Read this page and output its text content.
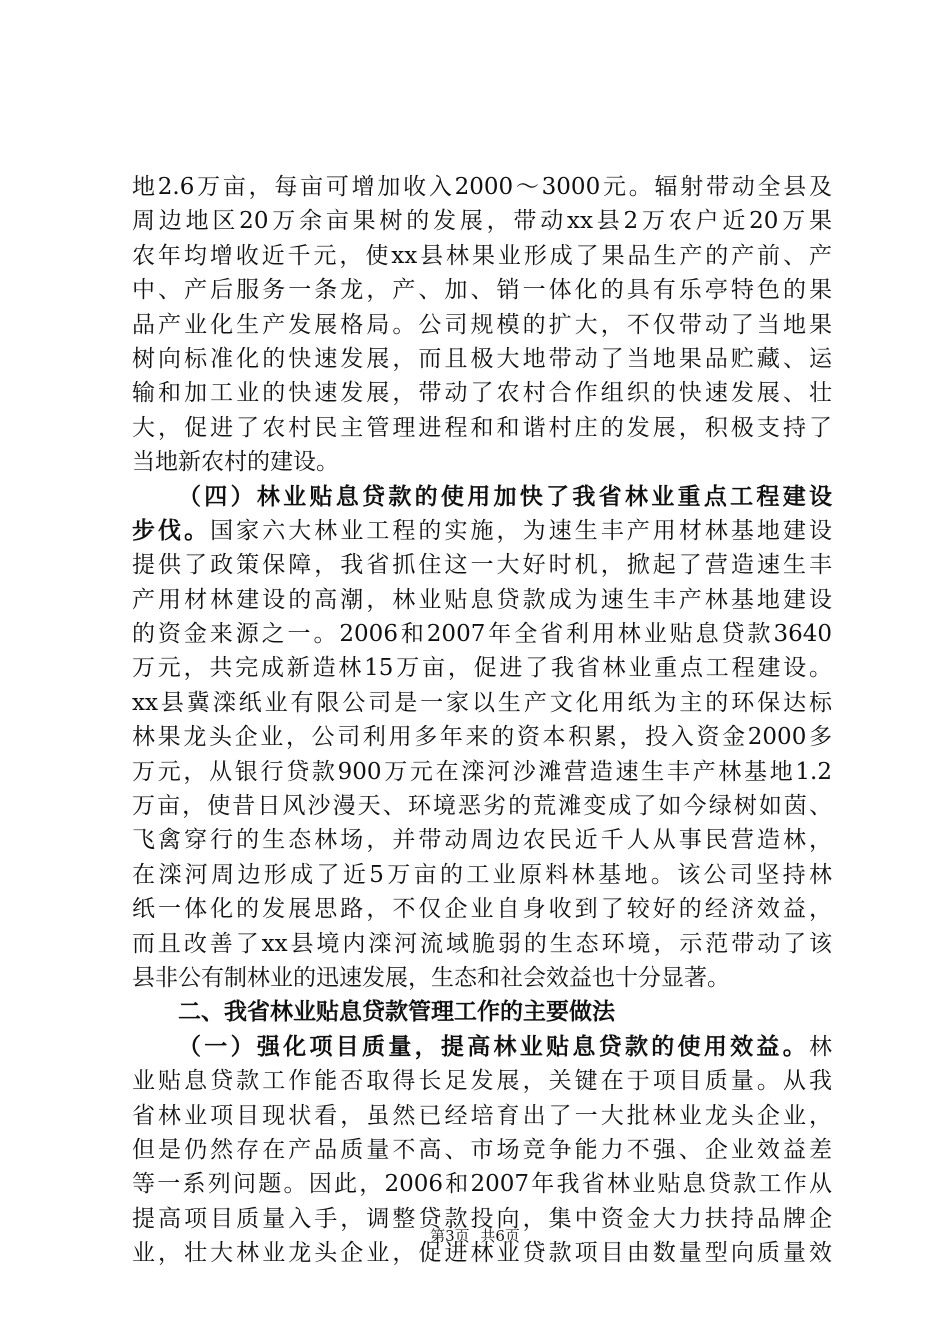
地2.6万亩，每亩可增加收入2000～3000元。辐射带动全县及
周边地区20万余亩果树的发展，带动xx县2万农户近20万果
农年均增收近千元，使xx县林果业形成了果品生产的产前、产
中、产后服务一条龙，产、加、销一体化的具有乐亭特色的果
品产业化生产发展格局。公司规模的扩大，不仅带动了当地果
树向标准化的快速发展，而且极大地带动了当地果品贮藏、运
输和加工业的快速发展，带动了农村合作组织的快速发展、壮
大，促进了农村民主管理进程和和谐村庄的发展，积极支持了
当地新农村的建设。
（四）林业贴息贷款的使用加快了我省林业重点工程建设
步伐。国家六大林业工程的实施，为速生丰产用材林基地建设
提供了政策保障，我省抓住这一大好时机，掀起了营造速生丰
产用材林建设的高潮，林业贴息贷款成为速生丰产林基地建设
的资金来源之一。2006和2007年全省利用林业贴息贷款3640
万元，共完成新造林15万亩，促进了我省林业重点工程建设。
xx县冀滦纸业有限公司是一家以生产文化用纸为主的环保达标
林果龙头企业，公司利用多年来的资本积累，投入资金2000多
万元，从银行贷款900万元在滦河沙滩营造速生丰产林基地1.2
万亩，使昔日风沙漫天、环境恶劣的荒滩变成了如今绿树如茵、
飞禽穿行的生态林场，并带动周边农民近千人从事民营造林，
在滦河周边形成了近5万亩的工业原料林基地。该公司坚持林
纸一体化的发展思路，不仅企业自身收到了较好的经济效益，
而且改善了xx县境内滦河流域脆弱的生态环境，示范带动了该
县非公有制林业的迅速发展，生态和社会效益也十分显著。
二、我省林业贴息贷款管理工作的主要做法
（一）强化项目质量，提高林业贴息贷款的使用效益。林
业贴息贷款工作能否取得长足发展，关键在于项目质量。从我
省林业项目现状看，虽然已经培育出了一大批林业龙头企业，
但是仍然存在产品质量不高、市场竞争能力不强、企业效益差
等一系列问题。因此，2006和2007年我省林业贴息贷款工作从
提高项目质量入手，调整贷款投向，集中资金大力扶持品牌企
业，壮大林业龙头企业，促进林业贷款项目由数量型向质量效
第3页 共6页
